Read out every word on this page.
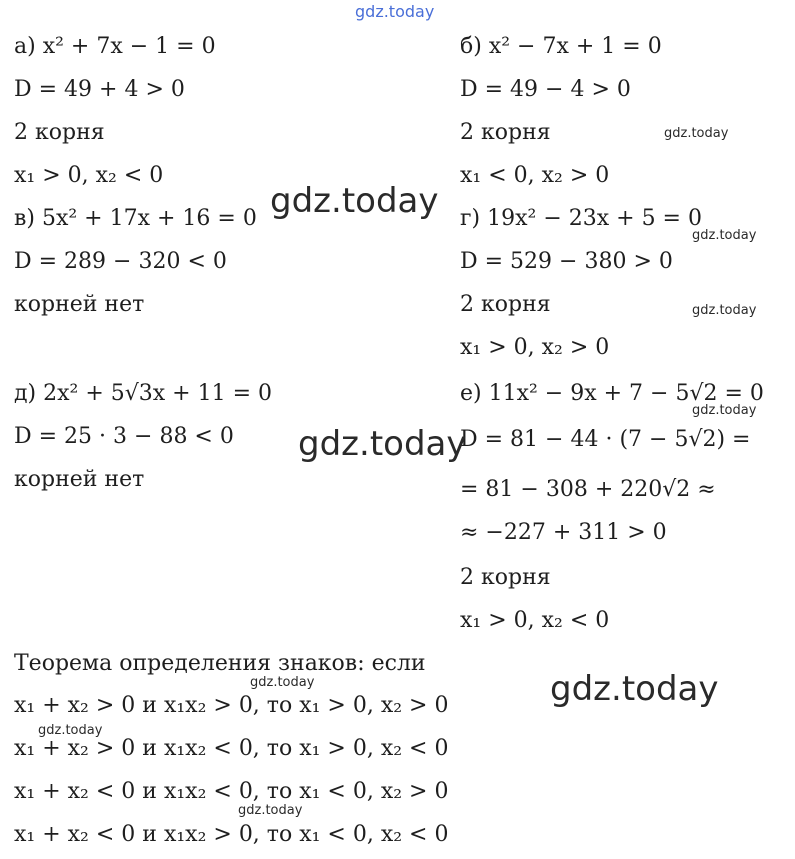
а) x² + 7x − 1 = 0
D = 49 + 4 > 0
2 корня
x₁ > 0, x₂ < 0
в) 5x² + 17x + 16 = 0
D = 289 − 320 < 0
корней нет
д) 2x² + 5√3x + 11 = 0
D = 25 · 3 − 88 < 0
корней нет
б) x² − 7x + 1 = 0
D = 49 − 4 > 0
2 корня
x₁ < 0, x₂ > 0
г) 19x² − 23x + 5 = 0
D = 529 − 380 > 0
2 корня
x₁ > 0, x₂ > 0
е) 11x² − 9x + 7 − 5√2 = 0
D = 81 − 44 · (7 − 5√2) =
= 81 − 308 + 220√2 ≈
≈ −227 + 311 > 0
2 корня
x₁ > 0, x₂ < 0
Теорема определения знаков: если
x₁ + x₂ > 0 и x₁x₂ > 0, то x₁ > 0, x₂ > 0
x₁ + x₂ > 0 и x₁x₂ < 0, то x₁ > 0, x₂ < 0
x₁ + x₂ < 0 и x₁x₂ < 0, то x₁ < 0, x₂ > 0
x₁ + x₂ < 0 и x₁x₂ > 0, то x₁ < 0, x₂ < 0
gdz.today
gdz.today
gdz.today
gdz.today
gdz.today
gdz.today
gdz.today
gdz.today
gdz.today
gdz.today
gdz.today
